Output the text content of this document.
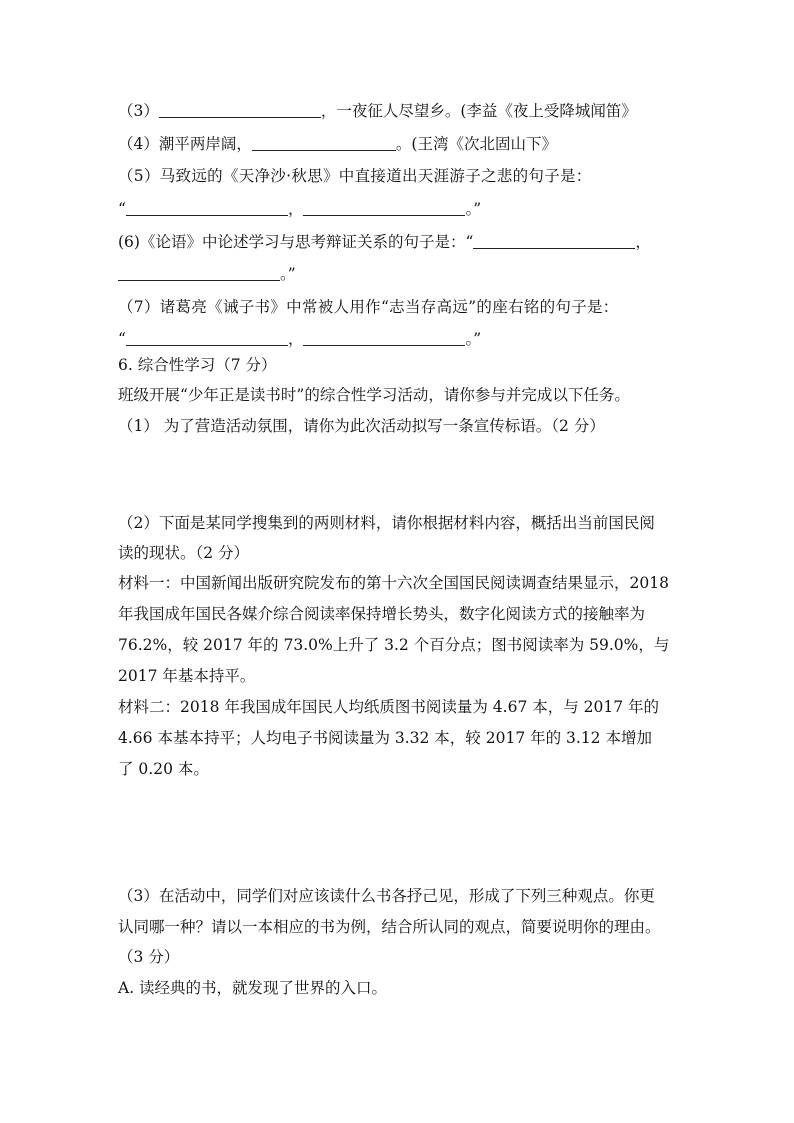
（3）	，一夜征人尽望乡。(李益《夜上受降城闻笛》
（4）潮平两岸阔，	。(王湾《次北固山下》
（5）马致远的《天净沙·秋思》中直接道出天涯游子之悲的句子是：
“	，	。”
(6)《论语》中论述学习与思考辩证关系的句子是：“	，
。”
（7）诸葛亮《诫子书》中常被人用作“志当存高远”的座右铭的句子是：
“	，	。”
6. 综合性学习（7 分）
班级开展“少年正是读书时”的综合性学习活动，请你参与并完成以下任务。
（1） 为了营造活动氛围，请你为此次活动拟写一条宣传标语。（2 分）
（2）下面是某同学搜集到的两则材料，请你根据材料内容，概括出当前国民阅
读的现状。（2 分）
材料一：中国新闻出版研究院发布的第十六次全国国民阅读调查结果显示，2018
年我国成年国民各媒介综合阅读率保持增长势头，数字化阅读方式的接触率为
76.2%，较 2017 年的 73.0%上升了 3.2 个百分点；图书阅读率为 59.0%，与
2017 年基本持平。
材料二：2018 年我国成年国民人均纸质图书阅读量为 4.67 本，与 2017 年的
4.66 本基本持平；人均电子书阅读量为 3.32 本，较 2017 年的 3.12 本增加
了 0.20 本。
（3）在活动中，同学们对应该读什么书各抒己见，形成了下列三种观点。你更
认同哪一种？请以一本相应的书为例，结合所认同的观点，简要说明你的理由。
（3 分）
A. 读经典的书，就发现了世界的入口。
